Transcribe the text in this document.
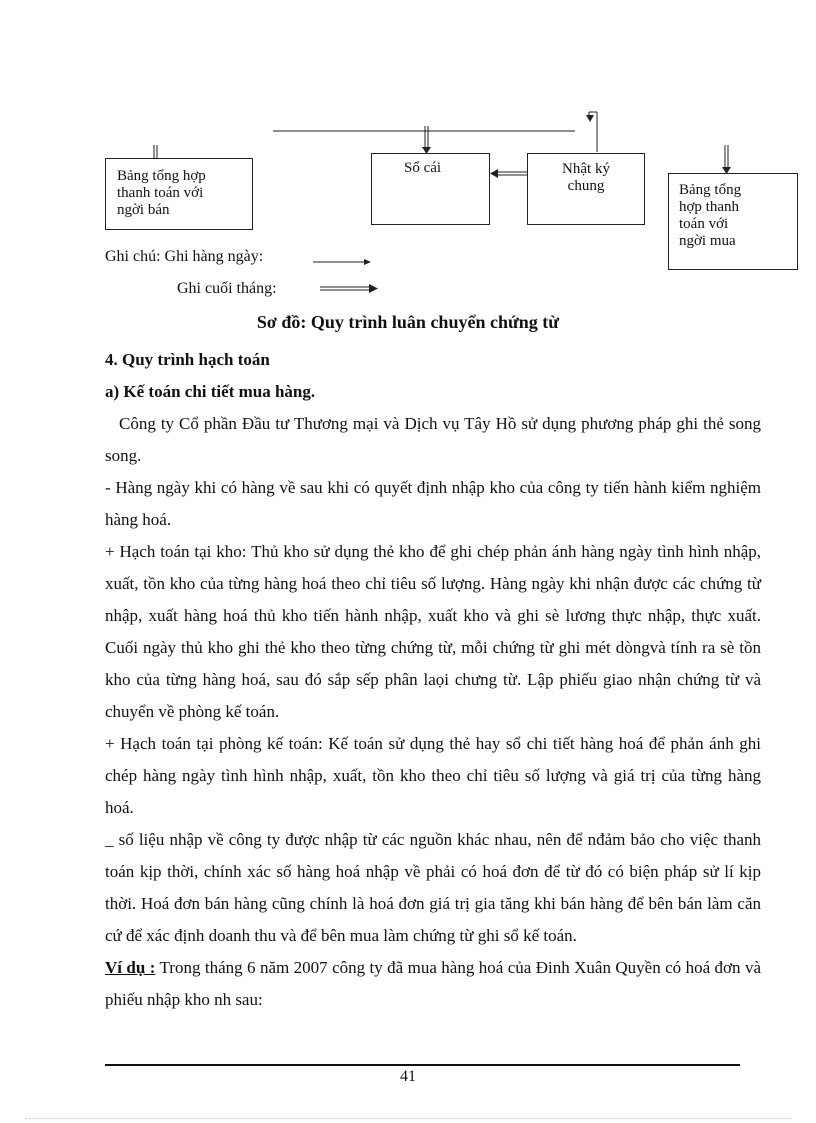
Bảng tổng hợp
thanh toán với
ngời bán
Sổ cái	Nhật ký
chung	Bảng tổng
hợp thanh
toán với
ngời mua
Ghi chú: Ghi hàng ngày:
Ghi cuối tháng:
Sơ đồ: Quy trình luân chuyển chứng từ

4. Quy trình hạch toán

a) Kế toán chi tiết mua hàng.

Công ty Cổ phần Đầu tư Thương mại và Dịch vụ Tây Hồ sử dụng phương pháp ghi thẻ song song.

- Hàng ngày khi có hàng về sau khi có quyết định nhập kho của công ty tiến hành kiểm nghiệm hàng hoá.

+ Hạch toán tại kho: Thủ kho sử dụng thẻ kho để ghi chép phản ánh hàng ngày tình hình nhập, xuất, tồn kho của từng hàng hoá theo chỉ tiêu số lượng. Hàng ngày khi nhận được các chứng từ nhập, xuất hàng hoá thủ kho tiến hành nhập, xuất kho và ghi sè lương thực nhập, thực xuất. Cuối ngày thủ kho ghi thẻ kho theo từng chứng từ, mỗi chứng từ ghi mét dòngvà tính ra sè tồn kho của từng hàng hoá, sau đó sắp sếp phân laọi chưng từ. Lập phiếu giao nhận chứng từ và chuyển về phòng kế toán.

+ Hạch toán tại phòng kế toán: Kế toán sử dụng thẻ hay sổ chi tiết hàng hoá để phản ánh ghi chép hàng ngày tình hình nhập, xuất, tồn kho theo chỉ tiêu số lượng và giá trị của từng hàng hoá.

_ số liệu nhập về công ty được nhập từ các nguồn khác nhau, nên để nđảm bảo cho việc thanh toán kịp thời, chính xác số hàng hoá nhập về phải có hoá đơn để từ đó có biện pháp sử lí kịp thời. Hoá đơn bán hàng cũng chính là hoá đơn giá trị gia tăng khi bán hàng để bên bán làm căn cứ để xác định doanh thu và để bên mua làm chứng từ ghi sổ kế toán.

Ví dụ : Trong tháng 6 năm 2007 công ty đã mua hàng hoá của Đinh Xuân Quyền có hoá đơn và phiếu nhập kho nh sau:

41
